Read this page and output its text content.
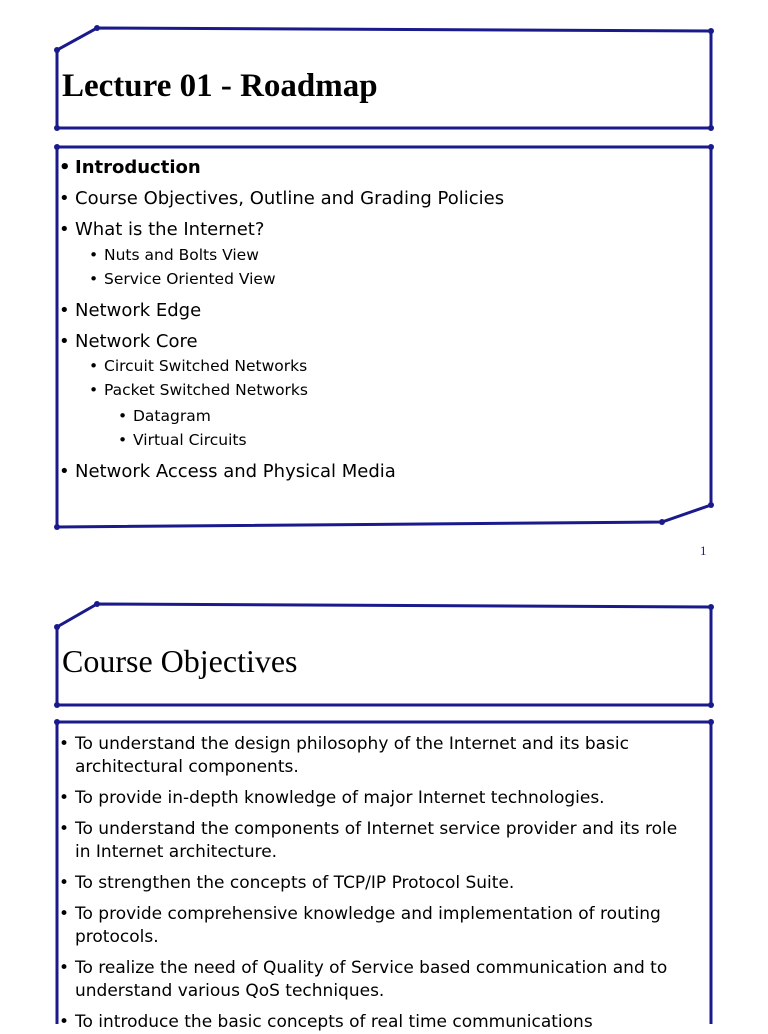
Lecture 01 - Roadmap
• Introduction
• Course Objectives, Outline and Grading Policies
• What is the Internet?
• Nuts and Bolts View
• Service Oriented View
• Network Edge
• Network Core
• Circuit Switched Networks
• Packet Switched Networks
• Datagram
• Virtual Circuits
• Network Access and Physical Media
1
Course Objectives
• To understand the design philosophy of the Internet and its basic
architectural components.
• To provide in-depth knowledge of major Internet technologies.
• To understand the components of Internet service provider and its role
in Internet architecture.
• To strengthen the concepts of TCP/IP Protocol Suite.
• To provide comprehensive knowledge and implementation of routing
protocols.
• To realize the need of Quality of Service based communication and to
understand various QoS techniques.
• To introduce the basic concepts of real time communications
